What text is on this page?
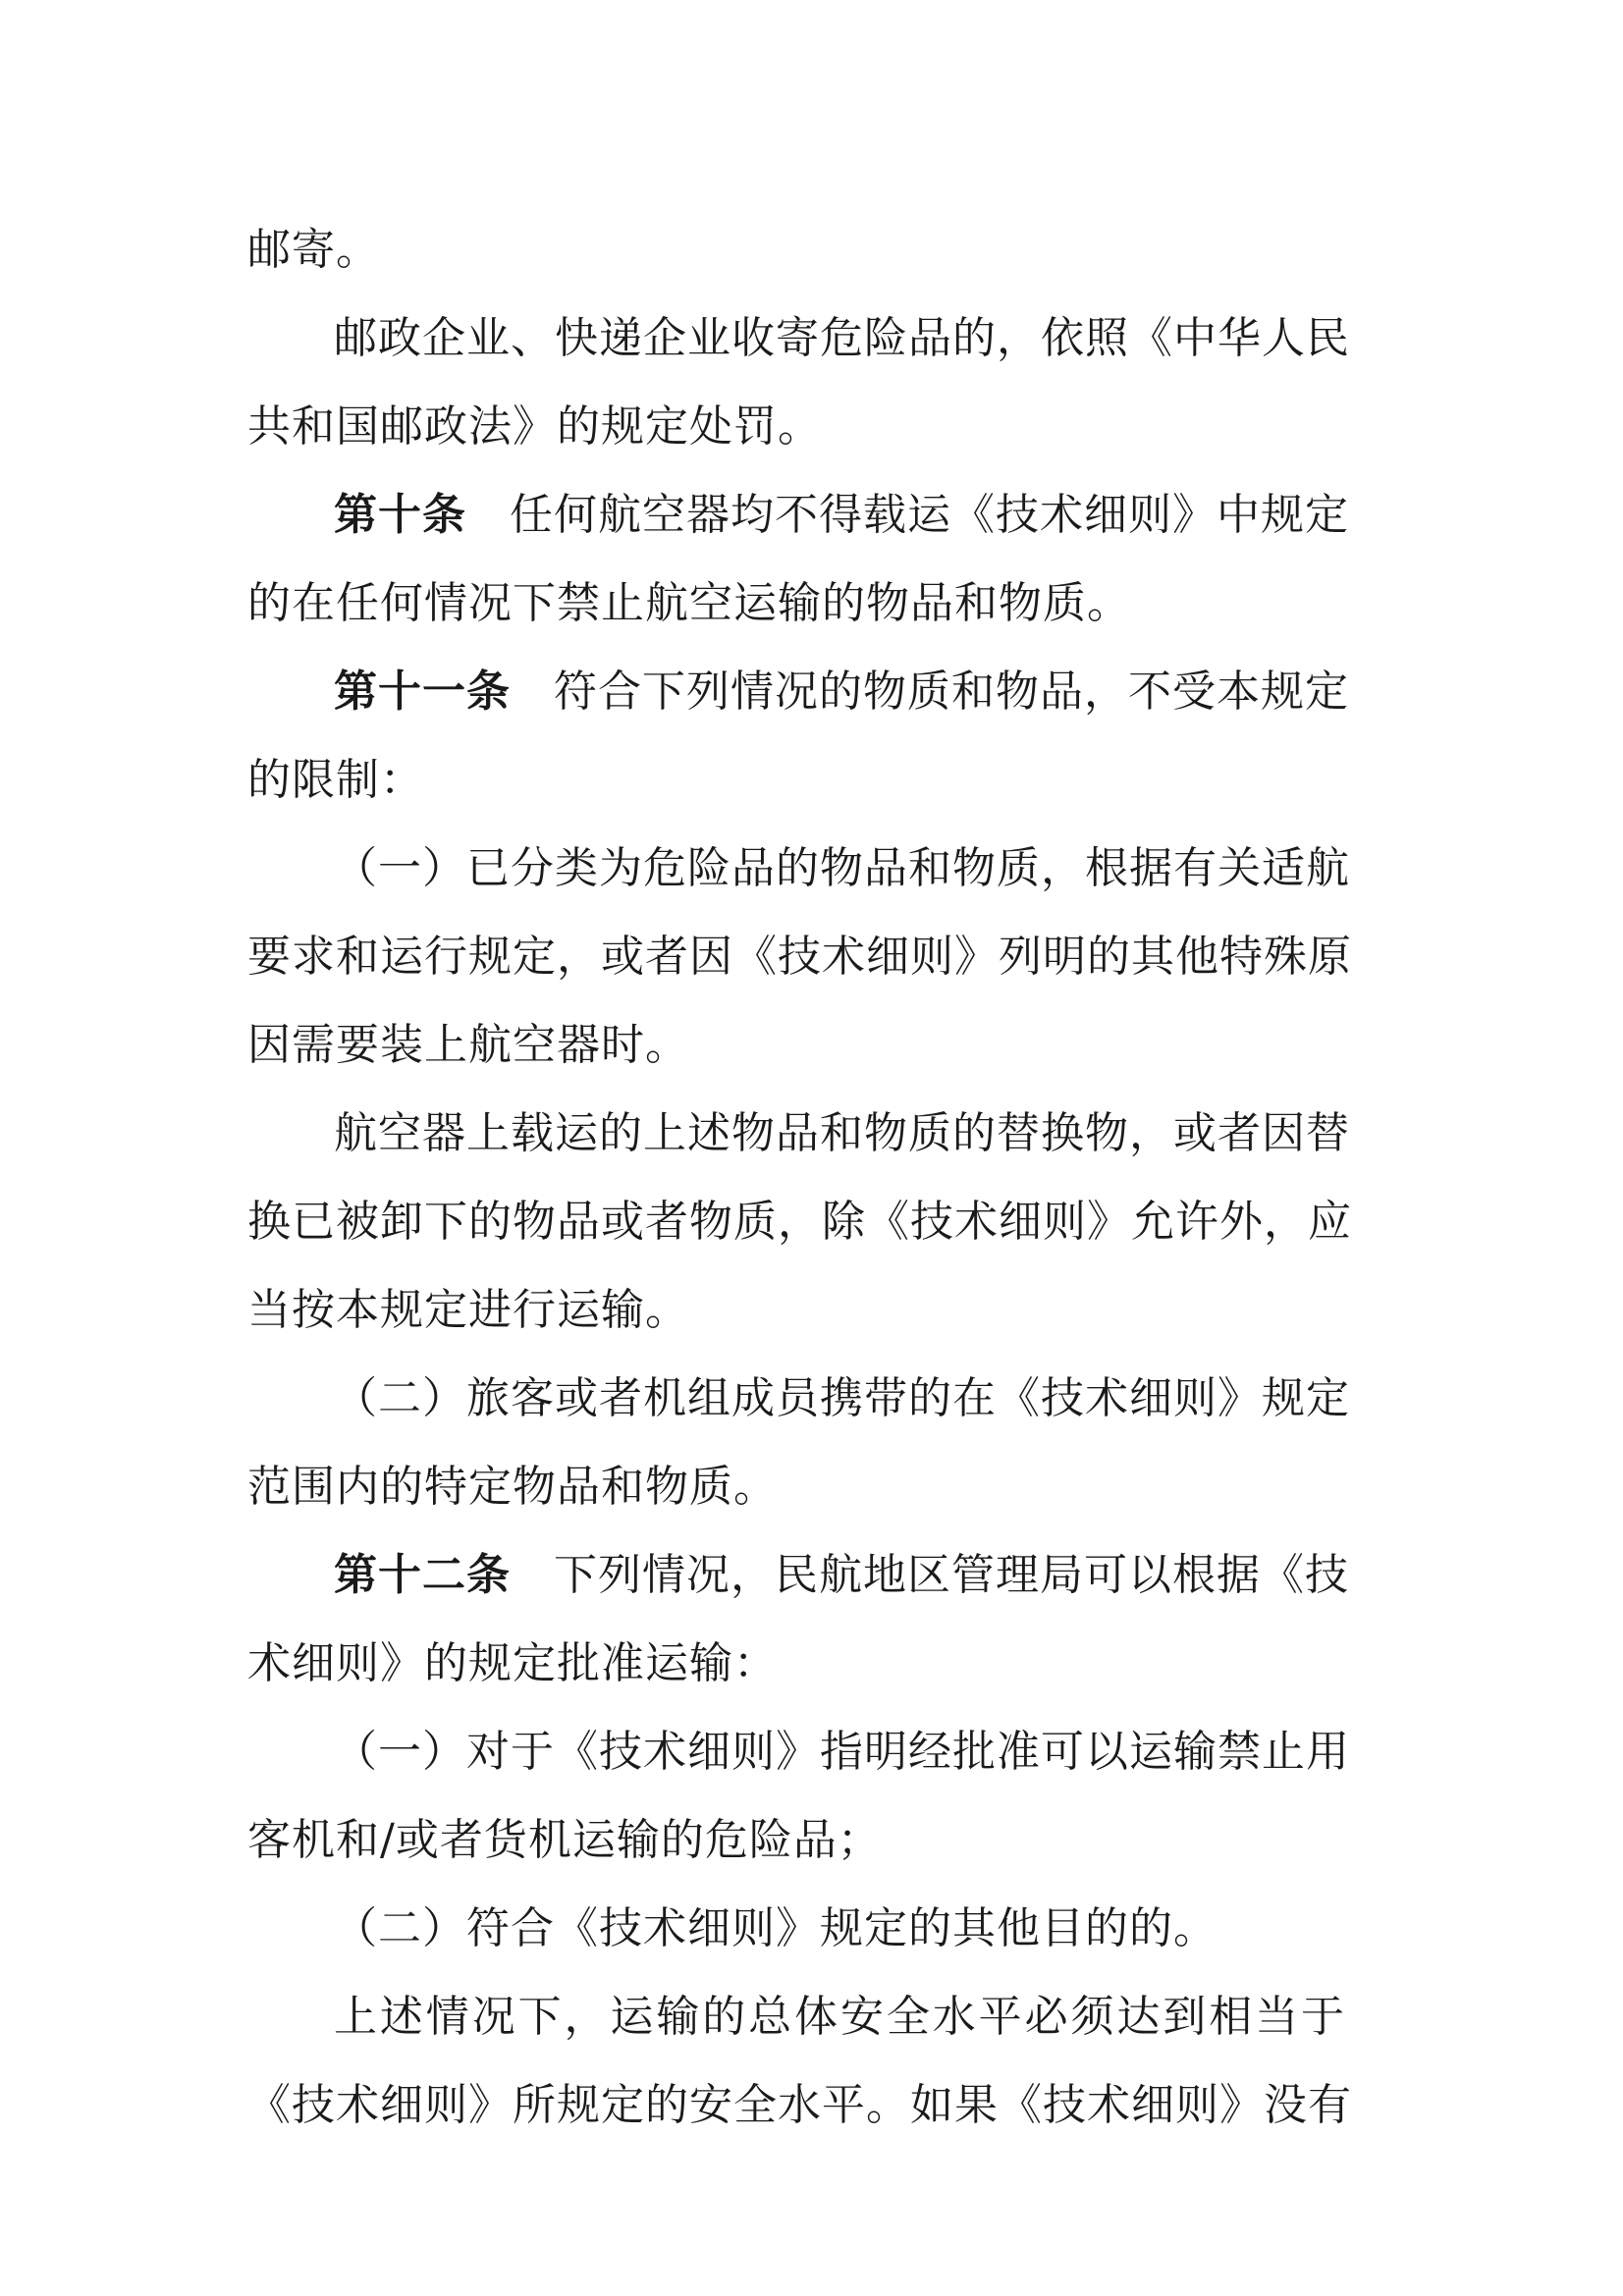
邮寄。

邮政企业、快递企业收寄危险品的，依照《中华人民
共和国邮政法》的规定处罚。

第十条 任何航空器均不得载运《技术细则》中规定
的在任何情况下禁止航空运输的物品和物质。

第十一条 符合下列情况的物质和物品，不受本规定
的限制：

（一）已分类为危险品的物品和物质，根据有关适航
要求和运行规定，或者因《技术细则》列明的其他特殊原
因需要装上航空器时。

航空器上载运的上述物品和物质的替换物，或者因替
换已被卸下的物品或者物质，除《技术细则》允许外，应
当按本规定进行运输。

（二）旅客或者机组成员携带的在《技术细则》规定
范围内的特定物品和物质。

第十二条 下列情况，民航地区管理局可以根据《技
术细则》的规定批准运输：

（一）对于《技术细则》指明经批准可以运输禁止用
客机和/或者货机运输的危险品；

（二）符合《技术细则》规定的其他目的的。

上述情况下，运输的总体安全水平必须达到相当于
《技术细则》所规定的安全水平。如果《技术细则》没有
